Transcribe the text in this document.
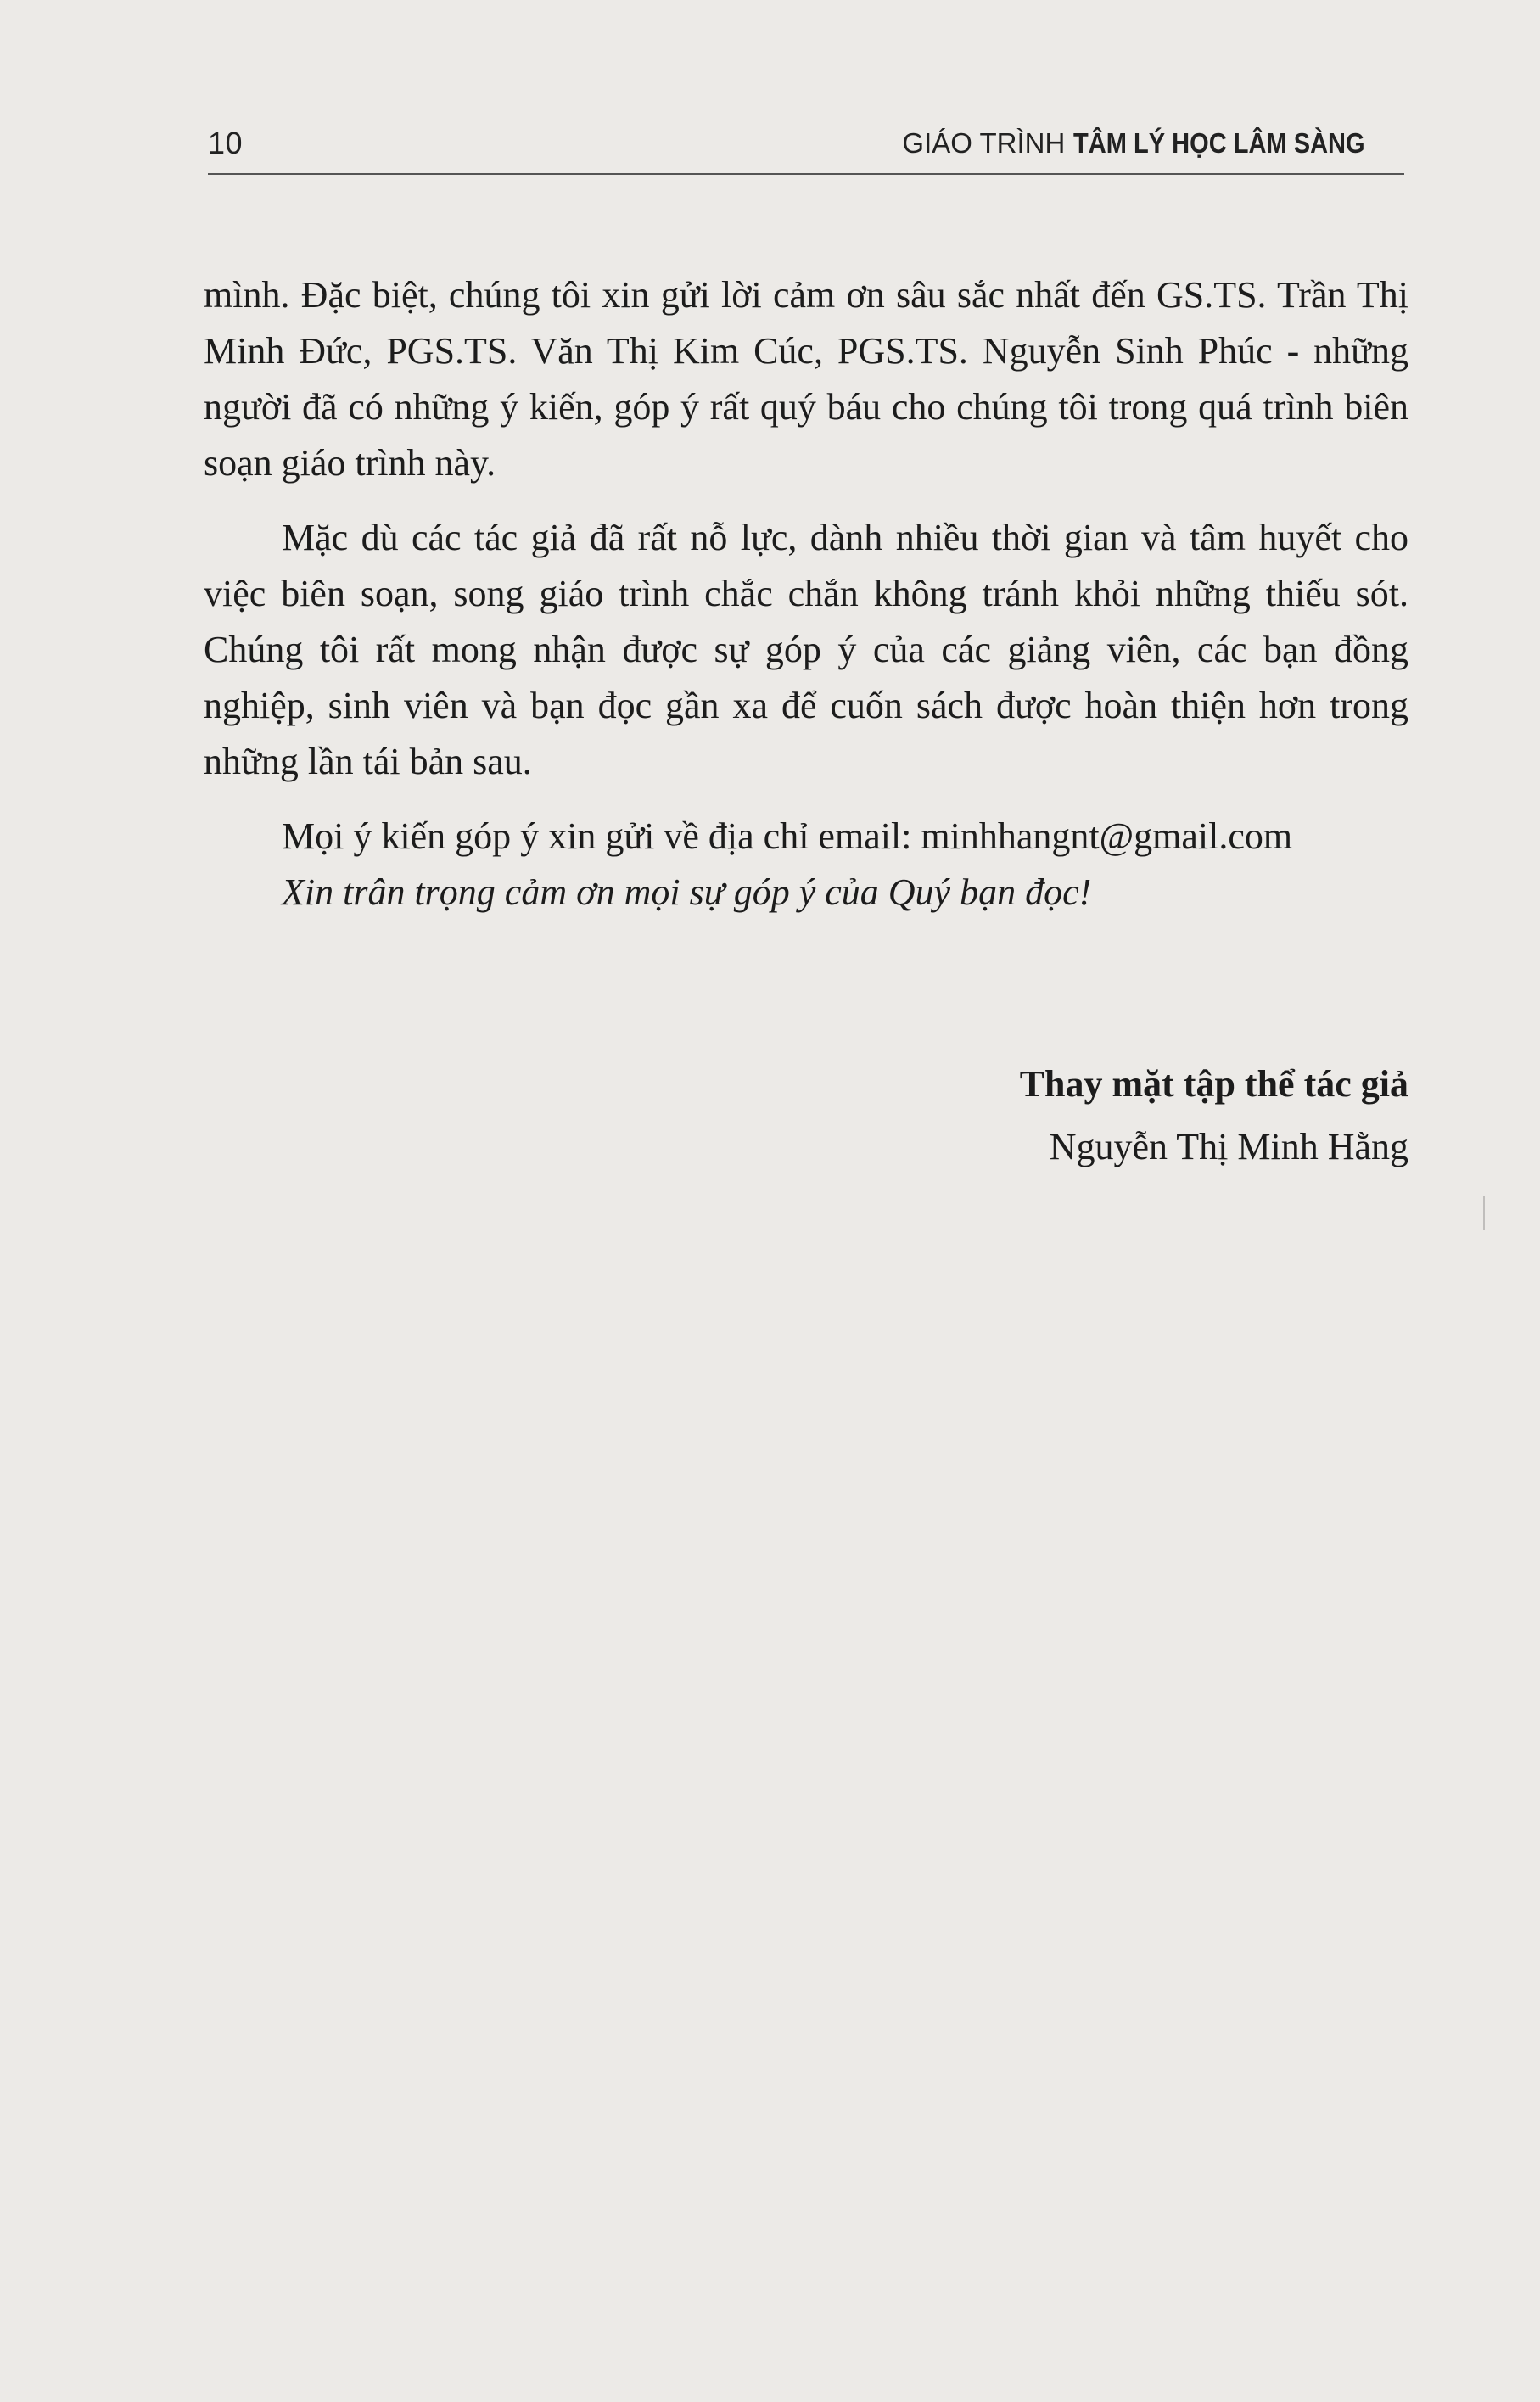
10	GIÁO TRÌNH TÂM LÝ HỌC LÂM SÀNG

mình. Đặc biệt, chúng tôi xin gửi lời cảm ơn sâu sắc nhất đến GS.TS. Trần Thị Minh Đức, PGS.TS. Văn Thị Kim Cúc, PGS.TS. Nguyễn Sinh Phúc - những người đã có những ý kiến, góp ý rất quý báu cho chúng tôi trong quá trình biên soạn giáo trình này.

Mặc dù các tác giả đã rất nỗ lực, dành nhiều thời gian và tâm huyết cho việc biên soạn, song giáo trình chắc chắn không tránh khỏi những thiếu sót. Chúng tôi rất mong nhận được sự góp ý của các giảng viên, các bạn đồng nghiệp, sinh viên và bạn đọc gần xa để cuốn sách được hoàn thiện hơn trong những lần tái bản sau.

Mọi ý kiến góp ý xin gửi về địa chỉ email: minhhangnt@gmail.com

Xin trân trọng cảm ơn mọi sự góp ý của Quý bạn đọc!

Thay mặt tập thể tác giả

Nguyễn Thị Minh Hằng
